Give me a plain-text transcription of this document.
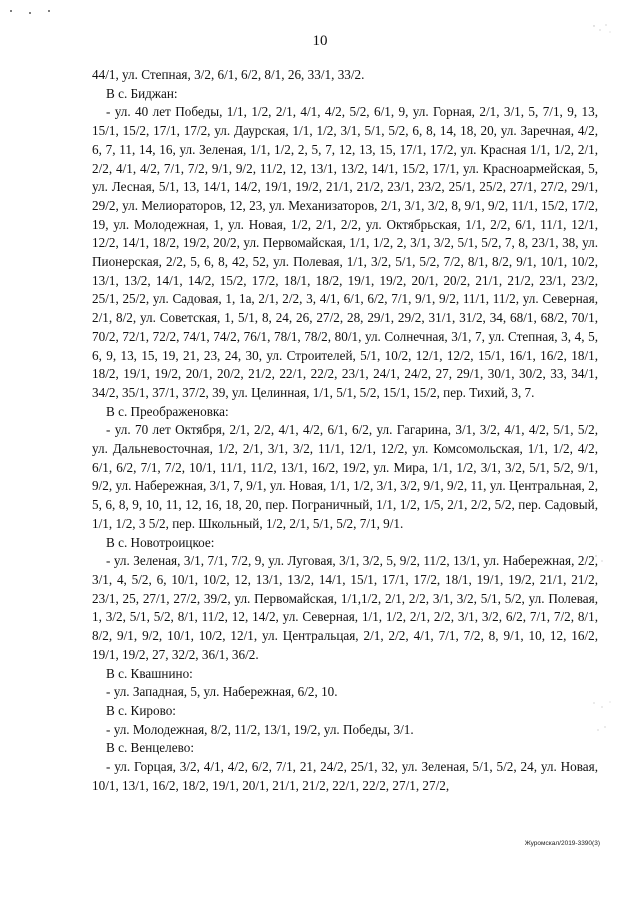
10

44/1, ул. Степная, 3/2, 6/1, 6/2, 8/1, 26, 33/1, 33/2.

В с. Биджан:

- ул. 40 лет Победы, 1/1, 1/2, 2/1, 4/1, 4/2, 5/2, 6/1, 9, ул. Горная, 2/1, 3/1, 5, 7/1, 9, 13, 15/1, 15/2, 17/1, 17/2, ул. Даурская, 1/1, 1/2, 3/1, 5/1, 5/2, 6, 8, 14, 18, 20, ул. Заречная, 4/2, 6, 7, 11, 14, 16, ул. Зеленая, 1/1, 1/2, 2, 5, 7, 12, 13, 15, 17/1, 17/2, ул. Красная 1/1, 1/2, 2/1, 2/2, 4/1, 4/2, 7/1, 7/2, 9/1, 9/2, 11/2, 12, 13/1, 13/2, 14/1, 15/2, 17/1, ул. Красноармейская, 5, ул. Лесная, 5/1, 13, 14/1, 14/2, 19/1, 19/2, 21/1, 21/2, 23/1, 23/2, 25/1, 25/2, 27/1, 27/2, 29/1, 29/2, ул. Мелиораторов, 12, 23, ул. Механизаторов, 2/1, 3/1, 3/2, 8, 9/1, 9/2, 11/1, 15/2, 17/2, 19, ул. Молодежная, 1, ул. Новая, 1/2, 2/1, 2/2, ул. Октябрьская, 1/1, 2/2, 6/1, 11/1, 12/1, 12/2, 14/1, 18/2, 19/2, 20/2, ул. Первомайская, 1/1, 1/2, 2, 3/1, 3/2, 5/1, 5/2, 7, 8, 23/1, 38, ул. Пионерская, 2/2, 5, 6, 8, 42, 52, ул. Полевая, 1/1, 3/2, 5/1, 5/2, 7/2, 8/1, 8/2, 9/1, 10/1, 10/2, 13/1, 13/2, 14/1, 14/2, 15/2, 17/2, 18/1, 18/2, 19/1, 19/2, 20/1, 20/2, 21/1, 21/2, 23/1, 23/2, 25/1, 25/2, ул. Садовая, 1, 1а, 2/1, 2/2, 3, 4/1, 6/1, 6/2, 7/1, 9/1, 9/2, 11/1, 11/2, ул. Северная, 2/1, 8/2, ул. Советская, 1, 5/1, 8, 24, 26, 27/2, 28, 29/1, 29/2, 31/1, 31/2, 34, 68/1, 68/2, 70/1, 70/2, 72/1, 72/2, 74/1, 74/2, 76/1, 78/1, 78/2, 80/1, ул. Солнечная, 3/1, 7, ул. Степная, 3, 4, 5, 6, 9, 13, 15, 19, 21, 23, 24, 30, ул. Строителей, 5/1, 10/2, 12/1, 12/2, 15/1, 16/1, 16/2, 18/1, 18/2, 19/1, 19/2, 20/1, 20/2, 21/2, 22/1, 22/2, 23/1, 24/1, 24/2, 27, 29/1, 30/1, 30/2, 33, 34/1, 34/2, 35/1, 37/1, 37/2, 39, ул. Целинная, 1/1, 5/1, 5/2, 15/1, 15/2, пер. Тихий, 3, 7.

В с. Преображеновка:

- ул. 70 лет Октября, 2/1, 2/2, 4/1, 4/2, 6/1, 6/2, ул. Гагарина, 3/1, 3/2, 4/1, 4/2, 5/1, 5/2, ул. Дальневосточная, 1/2, 2/1, 3/1, 3/2, 11/1, 12/1, 12/2, ул. Комсомольская, 1/1, 1/2, 4/2, 6/1, 6/2, 7/1, 7/2, 10/1, 11/1, 11/2, 13/1, 16/2, 19/2, ул. Мира, 1/1, 1/2, 3/1, 3/2, 5/1, 5/2, 9/1, 9/2, ул. Набережная, 3/1, 7, 9/1, ул. Новая, 1/1, 1/2, 3/1, 3/2, 9/1, 9/2, 11, ул. Центральная, 2, 5, 6, 8, 9, 10, 11, 12, 16, 18, 20, пер. Пограничный, 1/1, 1/2, 1/5, 2/1, 2/2, 5/2, пер. Садовый, 1/1, 1/2, 3 5/2, пер. Школьный, 1/2, 2/1, 5/1, 5/2, 7/1, 9/1.

В с. Новотроицкое:

- ул. Зеленая, 3/1, 7/1, 7/2, 9, ул. Луговая, 3/1, 3/2, 5, 9/2, 11/2, 13/1, ул. Набережная, 2/2, 3/1, 4, 5/2, 6, 10/1, 10/2, 12, 13/1, 13/2, 14/1, 15/1, 17/1, 17/2, 18/1, 19/1, 19/2, 21/1, 21/2, 23/1, 25, 27/1, 27/2, 39/2, ул. Первомайская, 1/1,1/2, 2/1, 2/2, 3/1, 3/2, 5/1, 5/2, ул. Полевая, 1, 3/2, 5/1, 5/2, 8/1, 11/2, 12, 14/2, ул. Северная, 1/1, 1/2, 2/1, 2/2, 3/1, 3/2, 6/2, 7/1, 7/2, 8/1, 8/2, 9/1, 9/2, 10/1, 10/2, 12/1, ул. Центральцая, 2/1, 2/2, 4/1, 7/1, 7/2, 8, 9/1, 10, 12, 16/2, 19/1, 19/2, 27, 32/2, 36/1, 36/2.

В с. Квашнино:

- ул. Западная, 5, ул. Набережная, 6/2, 10.

В с. Кирово:

- ул. Молодежная, 8/2, 11/2, 13/1, 19/2, ул. Победы, 3/1.

В с. Венцелево:

- ул. Горцая, 3/2, 4/1, 4/2, 6/2, 7/1, 21, 24/2, 25/1, 32, ул. Зеленая, 5/1, 5/2, 24, ул. Новая, 10/1, 13/1, 16/2, 18/2, 19/1, 20/1, 21/1, 21/2, 22/1, 22/2, 27/1, 27/2,

Журомскал/2019-3390(3)
